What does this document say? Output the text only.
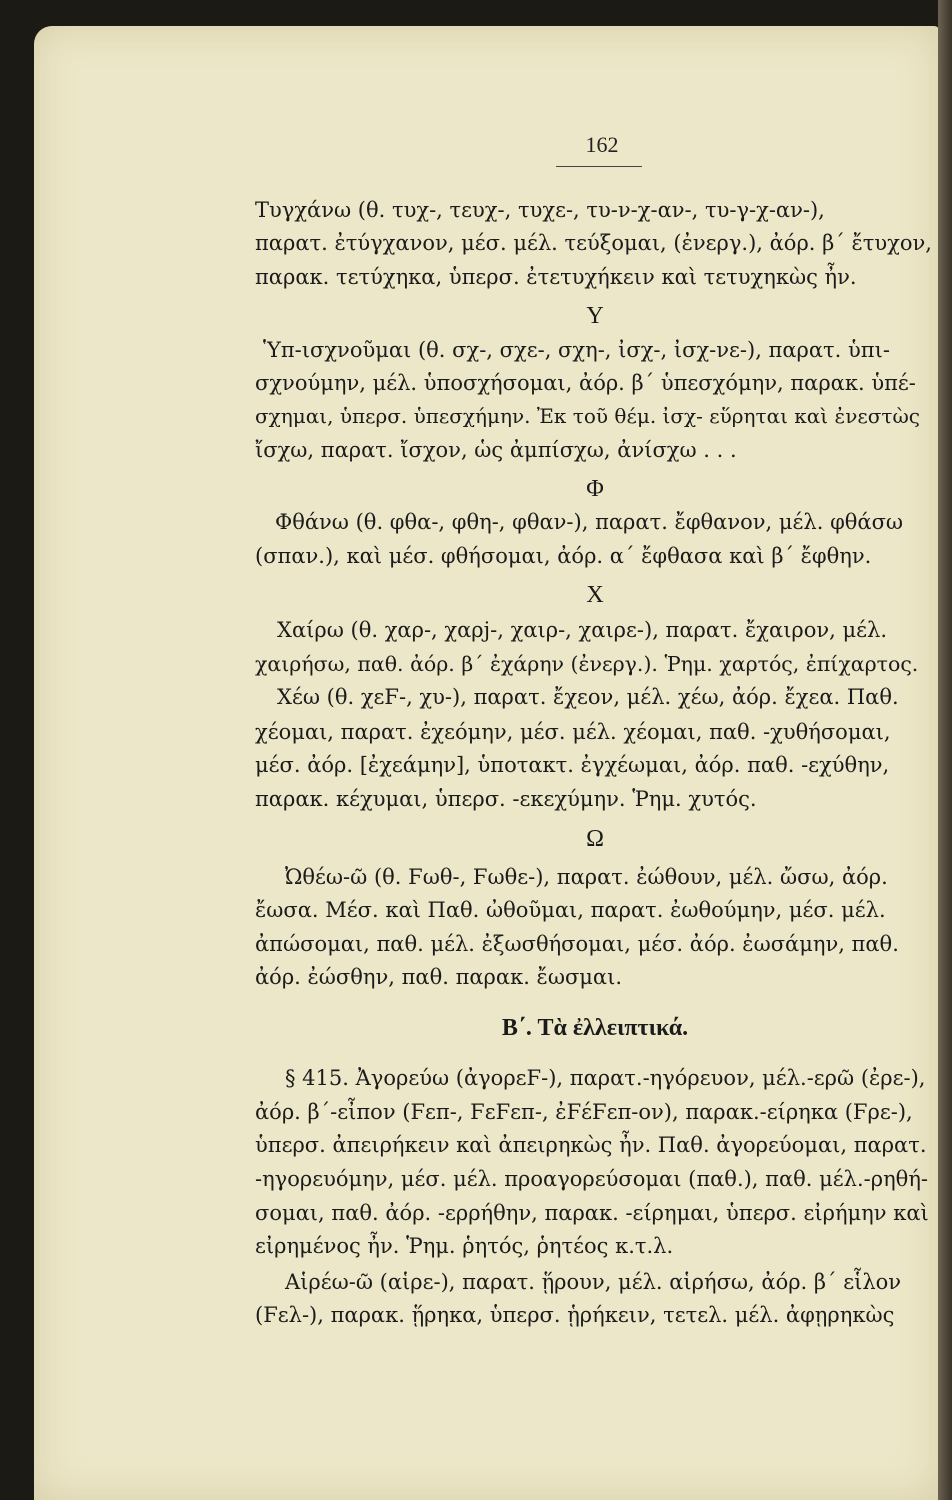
162
Τυγχάνω (θ. τυχ-, τευχ-, τυχε-, τυ-ν-χ-αν-, τυ-γ-χ-αν-),
παρατ. ἐτύγχανον, μέσ. μέλ. τεύξομαι, (ἐνεργ.), ἀόρ. β΄ ἔτυχον,
παρακ. τετύχηκα, ὑπερσ. ἐτετυχήκειν καὶ τετυχηκὼς ἦν.
Υ
Ὑπ-ισχνοῦμαι (θ. σχ-, σχε-, σχη-, ἰσχ-, ἰσχ-νε-), παρατ. ὑπι-
σχνούμην, μέλ. ὑποσχήσομαι, ἀόρ. β΄ ὑπεσχόμην, παρακ. ὑπέ-
σχημαι, ὑπερσ. ὑπεσχήμην. Ἐκ τοῦ θέμ. ἰσχ- εὕρηται καὶ ἐνεστὼς
ἴσχω, παρατ. ἴσχον, ὡς ἀμπίσχω, ἀνίσχω . . .
Φ
Φθάνω (θ. φθα-, φθη-, φθαν-), παρατ. ἔφθανον, μέλ. φθάσω
(σπαν.), καὶ μέσ. φθήσομαι, ἀόρ. α΄ ἔφθασα καὶ β΄ ἔφθην.
Χ
Χαίρω (θ. χαρ-, χαρj-, χαιρ-, χαιρε-), παρατ. ἔχαιρον, μέλ.
χαιρήσω, παθ. ἀόρ. β΄ ἐχάρην (ἐνεργ.). Ῥημ. χαρτός, ἐπίχαρτος.
Χέω (θ. χεϜ-, χυ-), παρατ. ἔχεον, μέλ. χέω, ἀόρ. ἔχεα. Παθ.
χέομαι, παρατ. ἐχεόμην, μέσ. μέλ. χέομαι, παθ. -χυθήσομαι,
μέσ. ἀόρ. [ἐχεάμην], ὑποτακτ. ἐγχέωμαι, ἀόρ. παθ. -εχύθην,
παρακ. κέχυμαι, ὑπερσ. -εκεχύμην. Ῥημ. χυτός.
Ω
Ὠθέω-ῶ (θ. Ϝωθ-, Ϝωθε-), παρατ. ἐώθουν, μέλ. ὤσω, ἀόρ.
ἔωσα. Μέσ. καὶ Παθ. ὠθοῦμαι, παρατ. ἐωθούμην, μέσ. μέλ.
ἀπώσομαι, παθ. μέλ. ἐξωσθήσομαι, μέσ. ἀόρ. ἐωσάμην, παθ.
ἀόρ. ἐώσθην, παθ. παρακ. ἔωσμαι.
Β΄. Τὰ ἐλλειπτικά.
§ 415. Ἀγορεύω (ἀγορεϜ-), παρατ.-ηγόρευον, μέλ.-ερῶ (ἐρε-),
ἀόρ. β΄-εἶπον (Ϝεπ-, ϜεϜεπ-, ἐϜέϜεπ-ον), παρακ.-είρηκα (Ϝρε-),
ὑπερσ. ἀπειρήκειν καὶ ἀπειρηκὼς ἦν. Παθ. ἀγορεύομαι, παρατ.
-ηγορευόμην, μέσ. μέλ. προαγορεύσομαι (παθ.), παθ. μέλ.-ρηθή-
σομαι, παθ. ἀόρ. -ερρήθην, παρακ. -είρημαι, ὑπερσ. εἰρήμην καὶ
εἰρημένος ἦν. Ῥημ. ῥητός, ῥητέος κ.τ.λ.
Αἱρέω-ῶ (αἱρε-), παρατ. ᾕρουν, μέλ. αἱρήσω, ἀόρ. β΄ εἷλον
(Ϝελ-), παρακ. ᾕρηκα, ὑπερσ. ᾑρήκειν, τετελ. μέλ. ἀφῃρηκὼς
